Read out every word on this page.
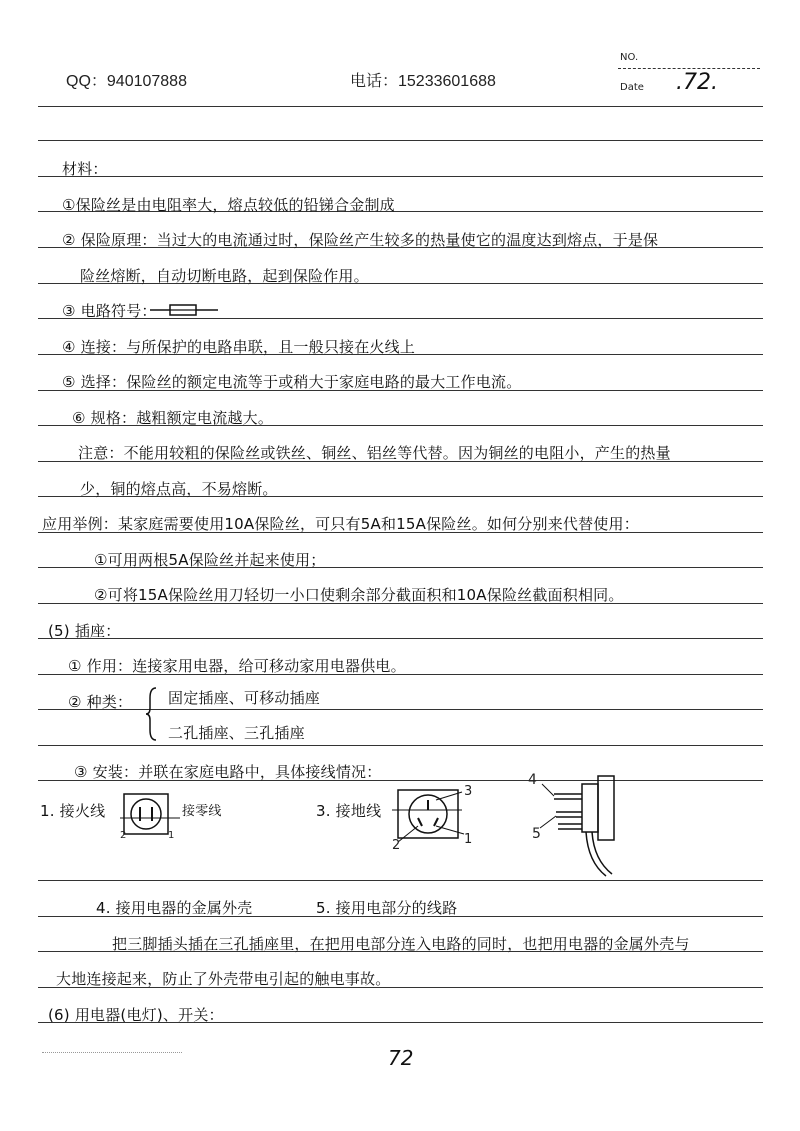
QQ：940107888	电话：15233601688
NO.
Date .72.
材料：
①保险丝是由电阻率大，熔点较低的铅锑合金制成
② 保险原理：当过大的电流通过时，保险丝产生较多的热量使它的温度达到熔点，于是保
险丝熔断，自动切断电路，起到保险作用。
③ 电路符号：
④ 连接：与所保护的电路串联，且一般只接在火线上
⑤ 选择：保险丝的额定电流等于或稍大于家庭电路的最大工作电流。
⑥ 规格：越粗额定电流越大。
注意：不能用较粗的保险丝或铁丝、铜丝、铝丝等代替。因为铜丝的电阻小，产生的热量
少，铜的熔点高，不易熔断。
应用举例：某家庭需要使用10A保险丝，可只有5A和15A保险丝。如何分别来代替使用：
①可用两根5A保险丝并起来使用；
②可将15A保险丝用刀轻切一小口使剩余部分截面积和10A保险丝截面积相同。
(5) 插座：
① 作用：连接家用电器，给可移动家用电器供电。
② 种类： 固定插座、可移动插座
二孔插座、三孔插座
③ 安装：并联在家庭电路中，具体接线情况：
1. 接火线
2	1
接零线	3. 接地线
3
2	1
4
5
4. 接用电器的金属外壳	5. 接用电部分的线路
把三脚插头插在三孔插座里，在把用电部分连入电路的同时，也把用电器的金属外壳与
大地连接起来，防止了外壳带电引起的触电事故。
(6) 用电器(电灯)、开关：
72
